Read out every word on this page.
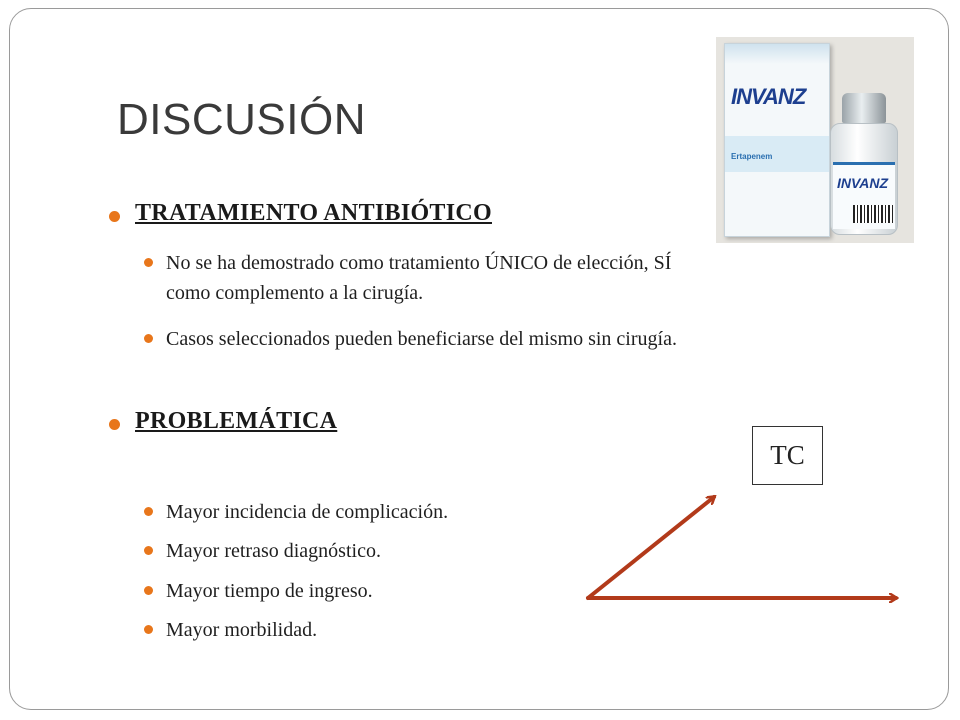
DISCUSIÓN	INVANZ
Ertapenem
INVANZ
TRATAMIENTO ANTIBIÓTICO
No se ha demostrado como tratamiento ÚNICO de elección, SÍ
como complemento a la cirugía.
Casos seleccionados pueden beneficiarse del mismo sin cirugía.
PROBLEMÁTICA
Mayor incidencia de complicación.
Mayor retraso diagnóstico.
Mayor tiempo de ingreso.
Mayor morbilidad.
TC
